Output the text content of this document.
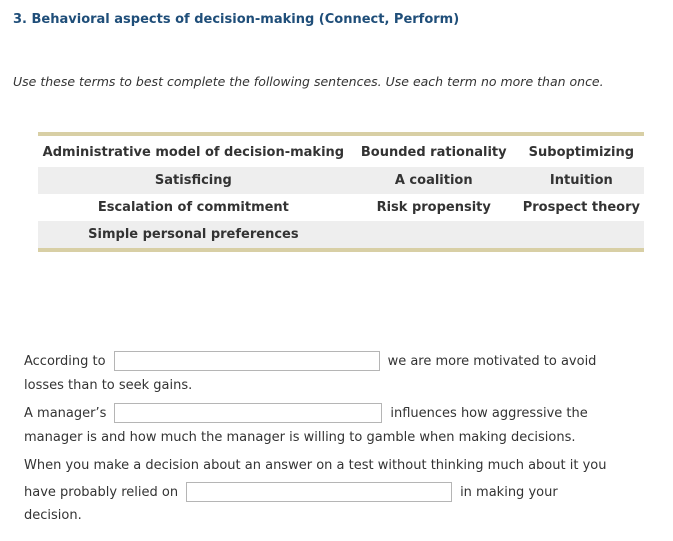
3. Behavioral aspects of decision-making (Connect, Perform)
Use these terms to best complete the following sentences. Use each term no more than once.
Administrative model of decision-making	Bounded rationality	Suboptimizing
Satisficing	A coalition	Intuition
Escalation of commitment	Risk propensity	Prospect theory
Simple personal preferences		
According to	we are more motivated to avoid
losses than to seek gains.
A manager’s	influences how aggressive the
manager is and how much the manager is willing to gamble when making decisions.
When you make a decision about an answer on a test without thinking much about it you
have probably relied on	in making your
decision.
